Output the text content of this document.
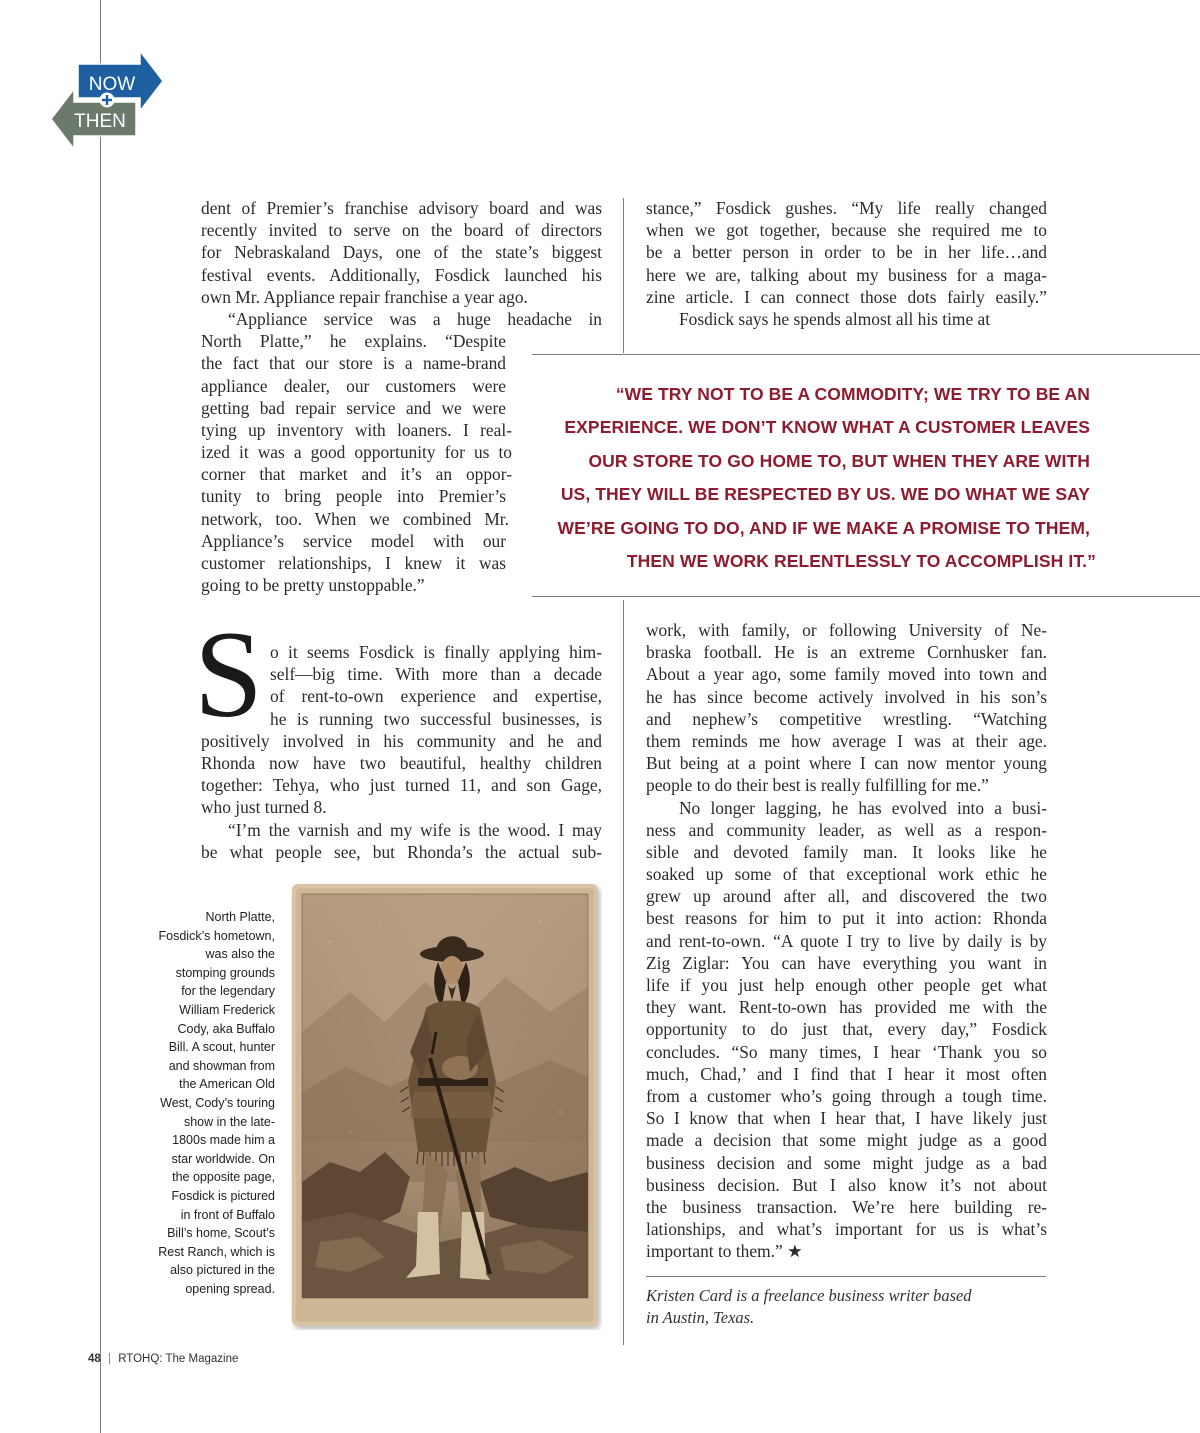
NOW
THEN
dent of Premier’s franchise advisory board and was
recently invited to serve on the board of directors
for Nebraskaland Days, one of the state’s biggest
festival events. Additionally, Fosdick launched his
own Mr. Appliance repair franchise a year ago.
“Appliance service was a huge headache in
North Platte,” he explains. “Despite
the fact that our store is a name-brand
appliance dealer, our customers were
getting bad repair service and we were
tying up inventory with loaners. I real-
ized it was a good opportunity for us to
corner that market and it’s an oppor-
tunity to bring people into Premier’s
network, too. When we combined Mr.
Appliance’s service model with our
customer relationships, I knew it was
going to be pretty unstoppable.”
stance,” Fosdick gushes. “My life really changed
when we got together, because she required me to
be a better person in order to be in her life…and
here we are, talking about my business for a maga-
zine article. I can connect those dots fairly easily.”
Fosdick says he spends almost all his time at
“WE TRY NOT TO BE A COMMODITY; WE TRY TO BE AN
EXPERIENCE. WE DON’T KNOW WHAT A CUSTOMER LEAVES
OUR STORE TO GO HOME TO, BUT WHEN THEY ARE WITH
US, THEY WILL BE RESPECTED BY US. WE DO WHAT WE SAY
WE’RE GOING TO DO, AND IF WE MAKE A PROMISE TO THEM,
THEN WE WORK RELENTLESSLY TO ACCOMPLISH IT.”
S o it seems Fosdick is finally applying him-
self—big time. With more than a decade
of rent-to-own experience and expertise,
he is running two successful businesses, is
positively involved in his community and he and
Rhonda now have two beautiful, healthy children
together: Tehya, who just turned 11, and son Gage,
who just turned 8.
“I’m the varnish and my wife is the wood. I may
be what people see, but Rhonda’s the actual sub-
work, with family, or following University of Ne-
braska football. He is an extreme Cornhusker fan.
About a year ago, some family moved into town and
he has since become actively involved in his son’s
and nephew’s competitive wrestling. “Watching
them reminds me how average I was at their age.
But being at a point where I can now mentor young
people to do their best is really fulfilling for me.”
No longer lagging, he has evolved into a busi-
ness and community leader, as well as a respon-
sible and devoted family man. It looks like he
soaked up some of that exceptional work ethic he
grew up around after all, and discovered the two
best reasons for him to put it into action: Rhonda
and rent-to-own. “A quote I try to live by daily is by
Zig Ziglar: You can have everything you want in
life if you just help enough other people get what
they want. Rent-to-own has provided me with the
opportunity to do just that, every day,” Fosdick
concludes. “So many times, I hear ‘Thank you so
much, Chad,’ and I find that I hear it most often
from a customer who’s going through a tough time.
So I know that when I hear that, I have likely just
made a decision that some might judge as a good
business decision and some might judge as a bad
business decision. But I also know it’s not about
the business transaction. We’re here building re-
lationships, and what’s important for us is what’s
important to them.” ★
North Platte,
Fosdick’s hometown,
was also the
stomping grounds
for the legendary
William Frederick
Cody, aka Buffalo
Bill. A scout, hunter
and showman from
the American Old
West, Cody’s touring
show in the late-
1800s made him a
star worldwide. On
the opposite page,
Fosdick is pictured
in front of Buffalo
Bill’s home, Scout’s
Rest Ranch, which is
also pictured in the
opening spread.	Kristen Card is a freelance business writer based
in Austin, Texas.
48 | RTOHQ: The Magazine
